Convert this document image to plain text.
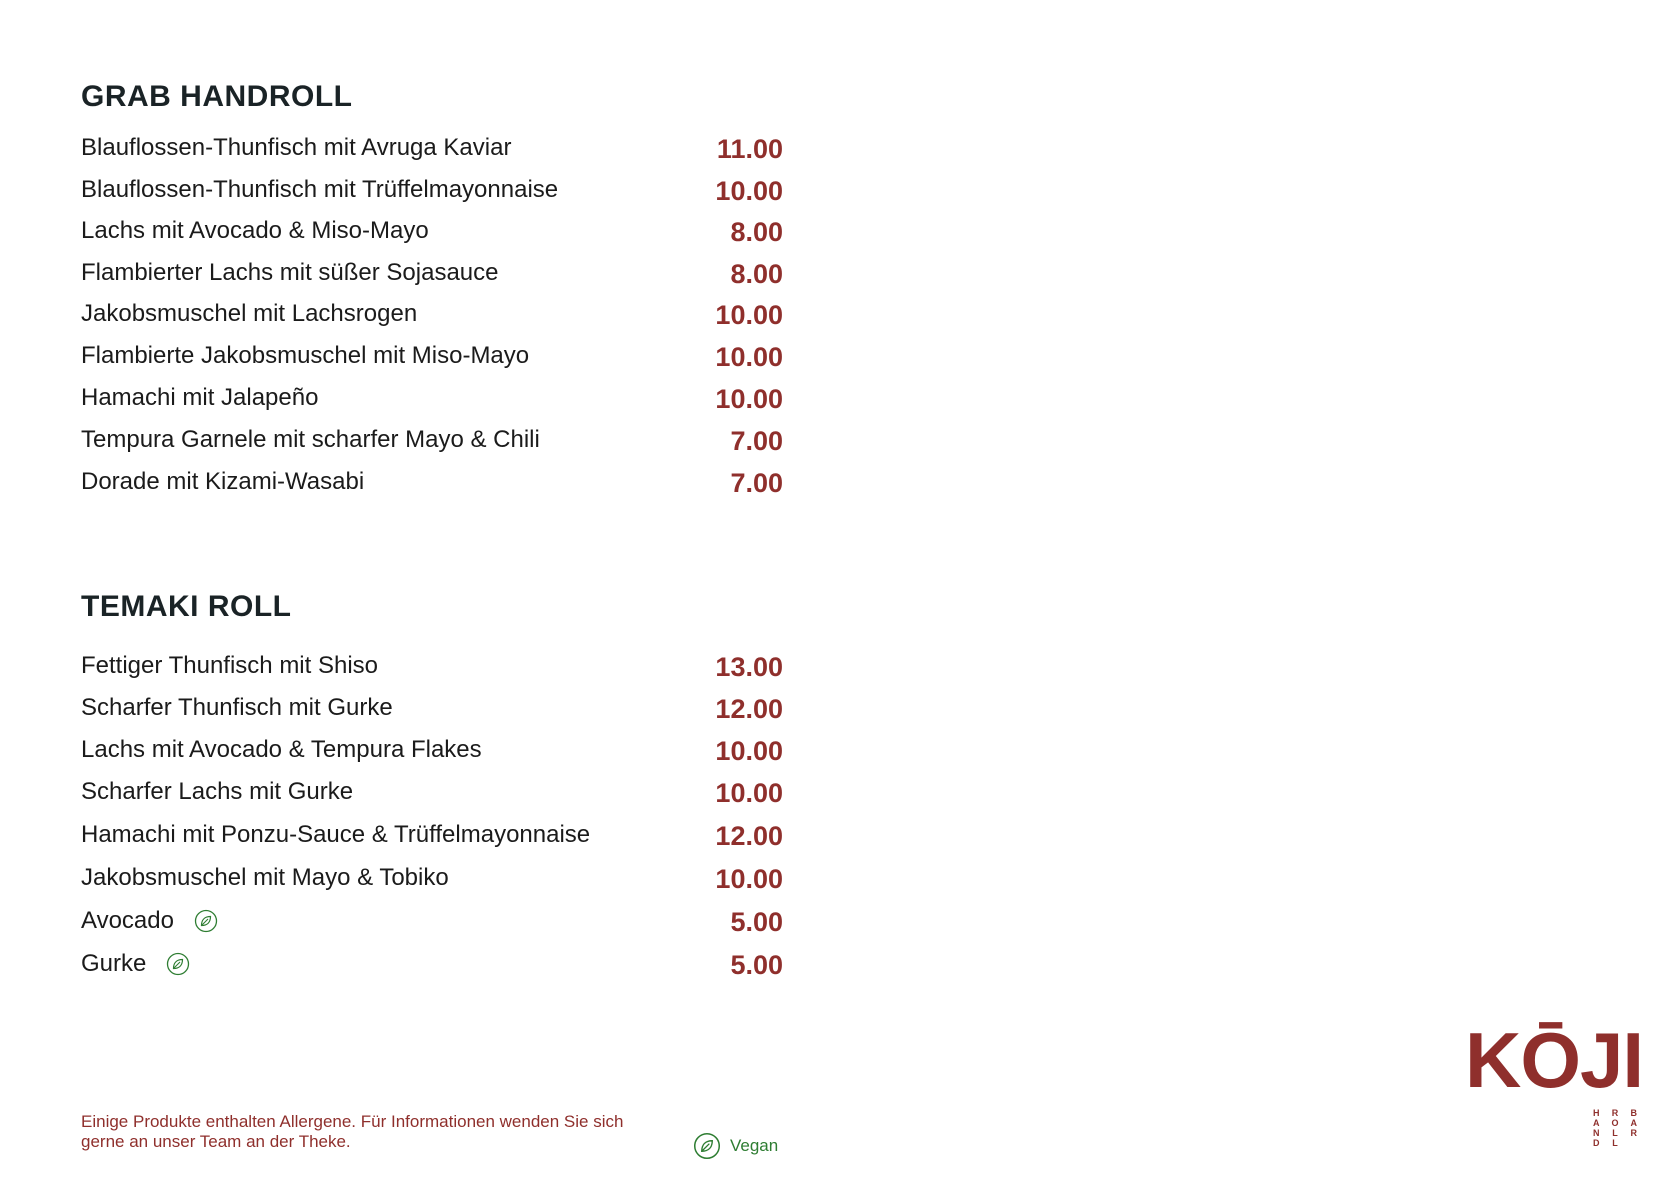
GRAB HANDROLL
Blauflossen-Thunfisch mit Avruga Kaviar	11.00
Blauflossen-Thunfisch mit Trüffelmayonnaise	10.00
Lachs mit Avocado & Miso-Mayo	8.00
Flambierter Lachs mit süßer Sojasauce	8.00
Jakobsmuschel mit Lachsrogen	10.00
Flambierte Jakobsmuschel mit Miso-Mayo	10.00
Hamachi mit Jalapeño	10.00
Tempura Garnele mit scharfer Mayo & Chili	7.00
Dorade mit Kizami-Wasabi	7.00
TEMAKI ROLL
Fettiger Thunfisch mit Shiso	13.00
Scharfer Thunfisch mit Gurke	12.00
Lachs mit Avocado & Tempura Flakes	10.00
Scharfer Lachs mit Gurke	10.00
Hamachi mit Ponzu-Sauce & Trüffelmayonnaise	12.00
Jakobsmuschel mit Mayo & Tobiko	10.00
Avocado	5.00
Gurke	5.00
Einige Produkte enthalten Allergene. Für Informationen wenden Sie sich gerne an unser Team an der Theke.	Vegan
KŌJI
H
A
N
D
R
O
L
L
B
A
R
